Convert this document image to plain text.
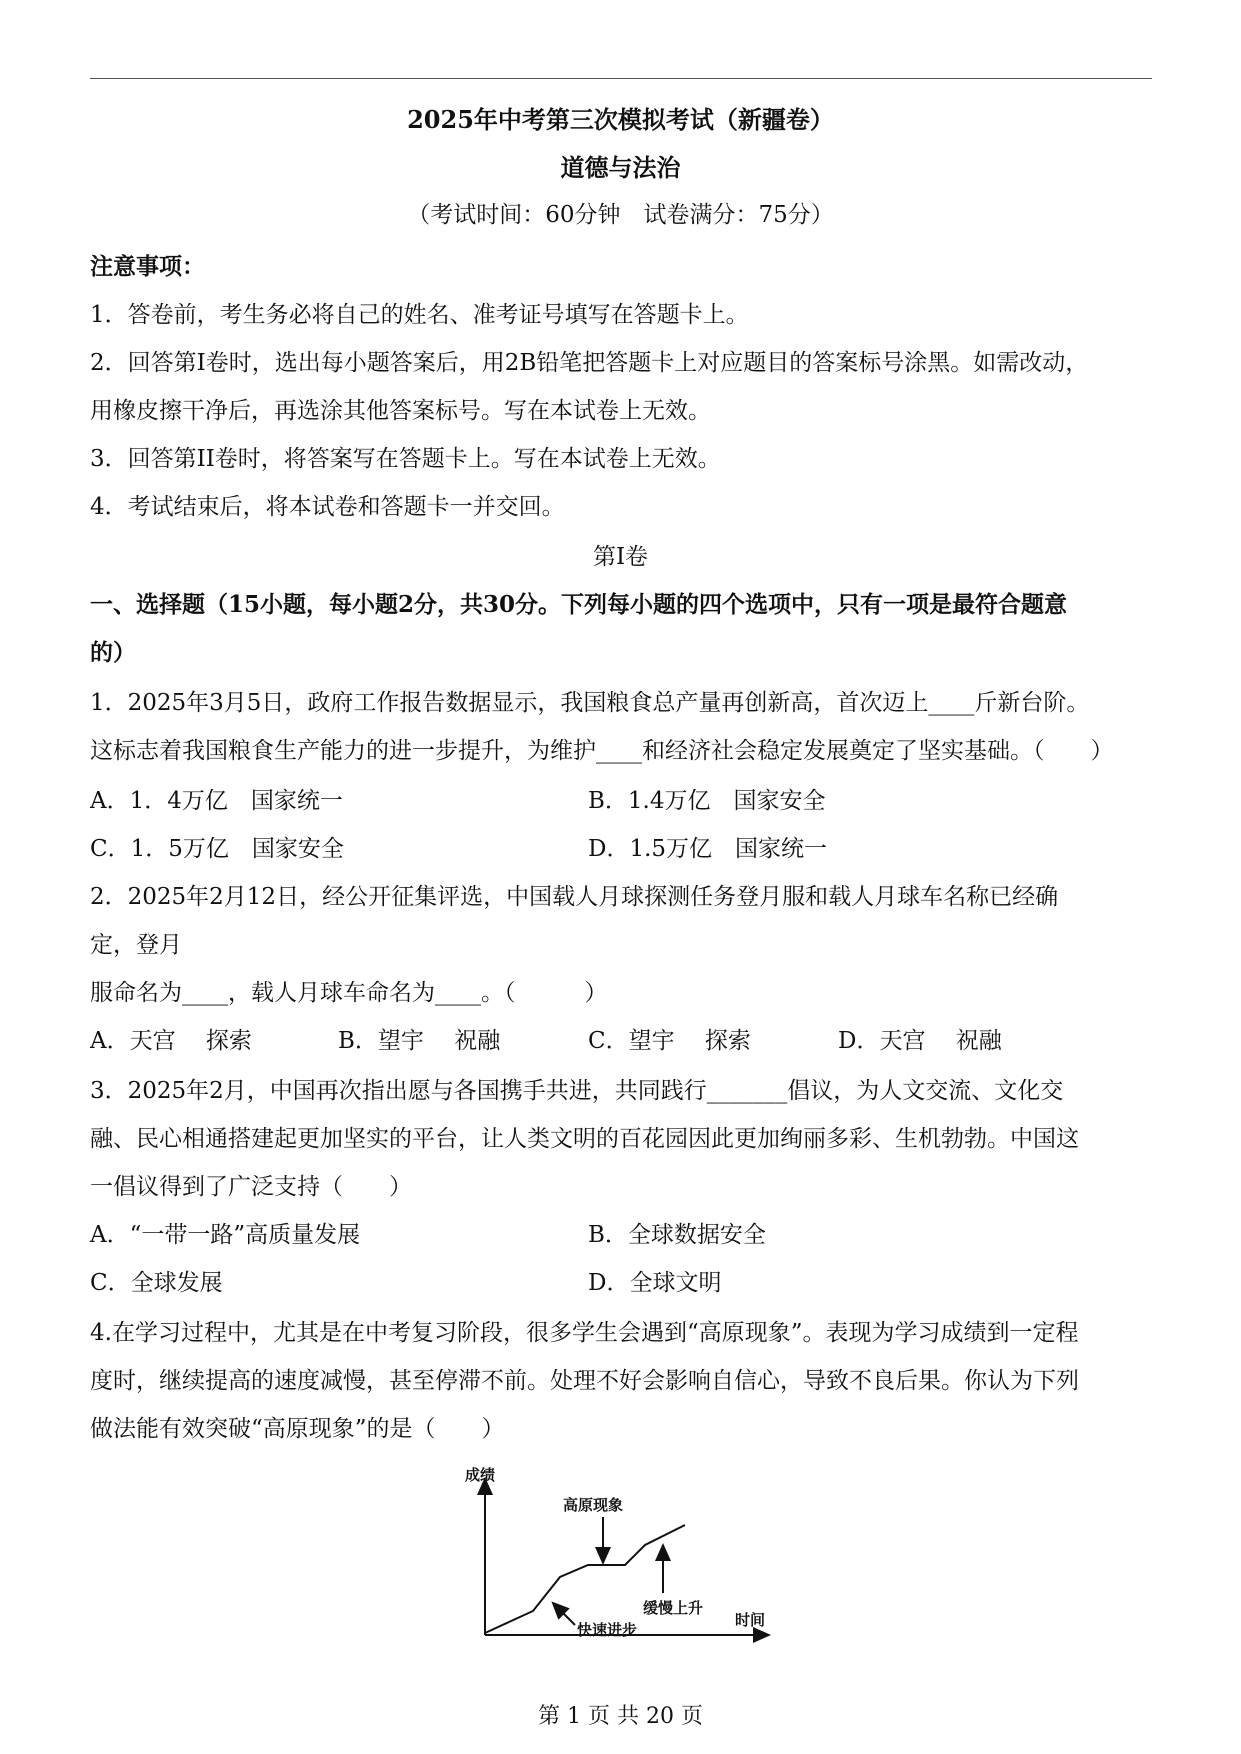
2025年中考第三次模拟考试（新疆卷）
道德与法治
（考试时间：60分钟　试卷满分：75分）
注意事项：
1．答卷前，考生务必将自己的姓名、准考证号填写在答题卡上。
2．回答第I卷时，选出每小题答案后，用2B铅笔把答题卡上对应题目的答案标号涂黑。如需改动，
用橡皮擦干净后，再选涂其他答案标号。写在本试卷上无效。
3．回答第II卷时，将答案写在答题卡上。写在本试卷上无效。
4．考试结束后，将本试卷和答题卡一并交回。
第I卷
一、选择题（15小题，每小题2分，共30分。下列每小题的四个选项中，只有一项是最符合题意
的）
1．2025年3月5日，政府工作报告数据显示，我国粮食总产量再创新高，首次迈上____斤新台阶。
这标志着我国粮食生产能力的进一步提升，为维护____和经济社会稳定发展奠定了坚实基础。（　　）
A．1．4万亿　国家统一	B．1.4万亿　国家安全
C．1．5万亿　国家安全	D．1.5万亿　国家统一
2．2025年2月12日，经公开征集评选，中国载人月球探测任务登月服和载人月球车名称已经确
定，登月
服命名为____，载人月球车命名为____。（　　　）
A．天宫　 探索	B．望宇　 祝融	C．望宇　 探索	D．天宫　 祝融
3．2025年2月，中国再次指出愿与各国携手共进，共同践行_______倡议，为人文交流、文化交
融、民心相通搭建起更加坚实的平台，让人类文明的百花园因此更加绚丽多彩、生机勃勃。中国这
一倡议得到了广泛支持（　　）
A．“一带一路”高质量发展	B．全球数据安全
C．全球发展	D．全球文明
4.在学习过程中，尤其是在中考复习阶段，很多学生会遇到“高原现象”。表现为学习成绩到一定程
度时，继续提高的速度减慢，甚至停滞不前。处理不好会影响自信心，导致不良后果。你认为下列
做法能有效突破“高原现象”的是（　　）
成绩
时间
高原现象
缓慢上升
快速进步
第 1 页 共 20 页
